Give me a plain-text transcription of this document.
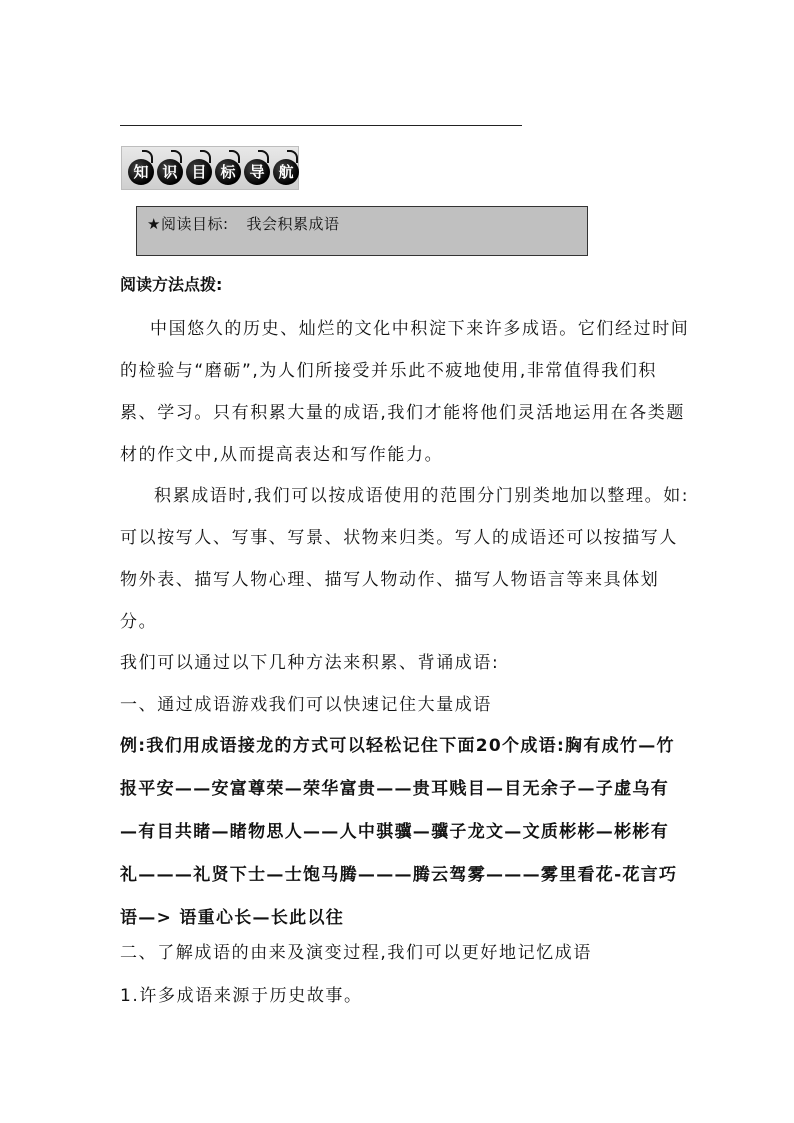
知 识 目 标 导 航
★阅读目标: 我会积累成语
阅读方法点拨:

中国悠久的历史、灿烂的文化中积淀下来许多成语。它们经过时间的检验与“磨砺”,为人们所接受并乐此不疲地使用,非常值得我们积累、学习。只有积累大量的成语,我们才能将他们灵活地运用在各类题材的作文中,从而提高表达和写作能力。

积累成语时,我们可以按成语使用的范围分门别类地加以整理。如:可以按写人、写事、写景、状物来归类。写人的成语还可以按描写人物外表、描写人物心理、描写人物动作、描写人物语言等来具体划分。

我们可以通过以下几种方法来积累、背诵成语:
一、通过成语游戏我们可以快速记住大量成语

例:我们用成语接龙的方式可以轻松记住下面20个成语:胸有成竹—竹报平安——安富尊荣—荣华富贵——贵耳贱目—目无余子—子虚乌有—有目共睹—睹物思人——人中骐骥—骥子龙文—文质彬彬—彬彬有礼———礼贤下士—士饱马腾———腾云驾雾———雾里看花-花言巧语—> 语重心长—长此以往

二、了解成语的由来及演变过程,我们可以更好地记忆成语
1.许多成语来源于历史故事。
